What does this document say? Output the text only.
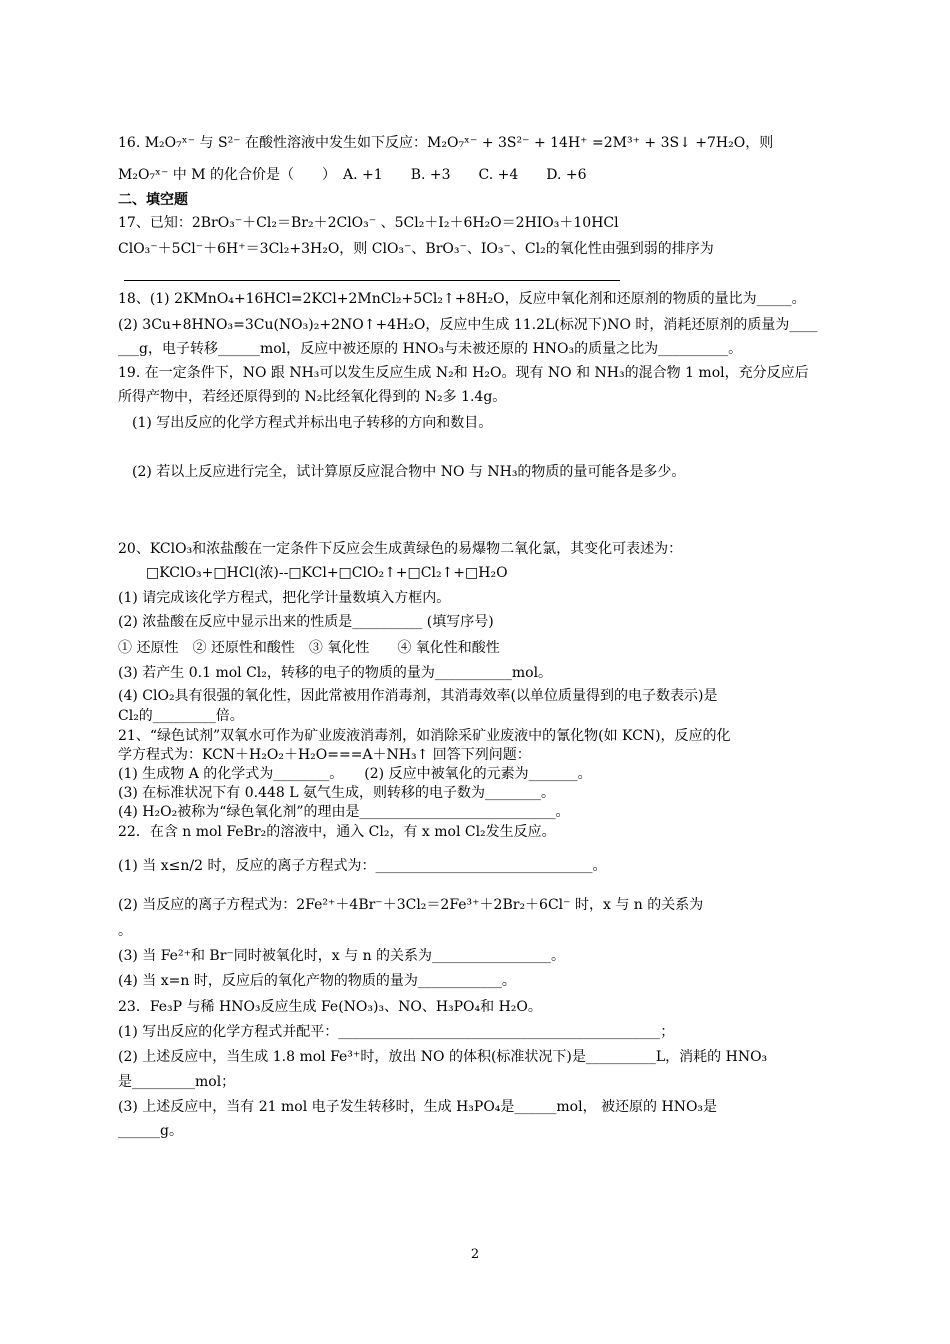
16. M₂O₇ˣ⁻ 与 S²⁻ 在酸性溶液中发生如下反应：M₂O₇ˣ⁻ + 3S²⁻ + 14H⁺ =2M³⁺ + 3S↓ +7H₂O，则
M₂O₇ˣ⁻ 中 M 的化合价是（　　）　A. +1　　B. +3　　C. +4　　D. +6
二、填空题
17、已知：2BrO₃⁻＋Cl₂＝Br₂＋2ClO₃⁻ 、5Cl₂＋I₂＋6H₂O＝2HIO₃＋10HCl
ClO₃⁻＋5Cl⁻＋6H⁺＝3Cl₂+3H₂O，则 ClO₃⁻、BrO₃⁻、IO₃⁻、Cl₂的氧化性由强到弱的排序为
18、(1) 2KMnO₄+16HCl=2KCl+2MnCl₂+5Cl₂↑+8H₂O，反应中氧化剂和还原剂的物质的量比为_____。
(2) 3Cu+8HNO₃=3Cu(NO₃)₂+2NO↑+4H₂O，反应中生成 11.2L(标况下)NO 时，消耗还原剂的质量为____
___g，电子转移______mol，反应中被还原的 HNO₃与未被还原的 HNO₃的质量之比为__________。
19. 在一定条件下，NO 跟 NH₃可以发生反应生成 N₂和 H₂O。现有 NO 和 NH₃的混合物 1 mol，充分反应后
所得产物中，若经还原得到的 N₂比经氧化得到的 N₂多 1.4g。
　(1) 写出反应的化学方程式并标出电子转移的方向和数目。
　(2) 若以上反应进行完全，试计算原反应混合物中 NO 与 NH₃的物质的量可能各是多少。
20、KClO₃和浓盐酸在一定条件下反应会生成黄绿色的易爆物二氧化氯，其变化可表述为：
　　□KClO₃+□HCl(浓)--□KCl+□ClO₂↑+□Cl₂↑+□H₂O
(1) 请完成该化学方程式，把化学计量数填入方框内。
(2) 浓盐酸在反应中显示出来的性质是__________ (填写序号)
① 还原性　② 还原性和酸性　③ 氧化性　　④ 氧化性和酸性
(3) 若产生 0.1 mol Cl₂，转移的电子的物质的量为___________mol。
(4) ClO₂具有很强的氧化性，因此常被用作消毒剂，其消毒效率(以单位质量得到的电子数表示)是
Cl₂的_________倍。
21、“绿色试剂”双氧水可作为矿业废液消毒剂，如消除采矿业废液中的氰化物(如 KCN)，反应的化
学方程式为：KCN＋H₂O₂＋H₂O===A＋NH₃↑ 回答下列问题：
(1) 生成物 A 的化学式为________。　　(2) 反应中被氧化的元素为_______。
(3) 在标准状况下有 0.448 L 氨气生成，则转移的电子数为________。
(4) H₂O₂被称为“绿色氧化剂”的理由是____________________________。
22．在含 n mol FeBr₂的溶液中，通入 Cl₂，有 x mol Cl₂发生反应。
(1) 当 x≤n/2 时，反应的离子方程式为：_______________________________。
(2) 当反应的离子方程式为：2Fe²⁺＋4Br⁻＋3Cl₂＝2Fe³⁺＋2Br₂＋6Cl⁻ 时，x 与 n 的关系为
。
(3) 当 Fe²⁺和 Br⁻同时被氧化时，x 与 n 的关系为_________________。
(4) 当 x=n 时，反应后的氧化产物的物质的量为____________。
23．Fe₃P 与稀 HNO₃反应生成 Fe(NO₃)₃、NO、H₃PO₄和 H₂O。
(1) 写出反应的化学方程式并配平：______________________________________________；
(2) 上述反应中，当生成 1.8 mol Fe³⁺时，放出 NO 的体积(标准状况下)是__________L，消耗的 HNO₃
是_________mol；
(3) 上述反应中，当有 21 mol 电子发生转移时，生成 H₃PO₄是______mol， 被还原的 HNO₃是
______g。
2
